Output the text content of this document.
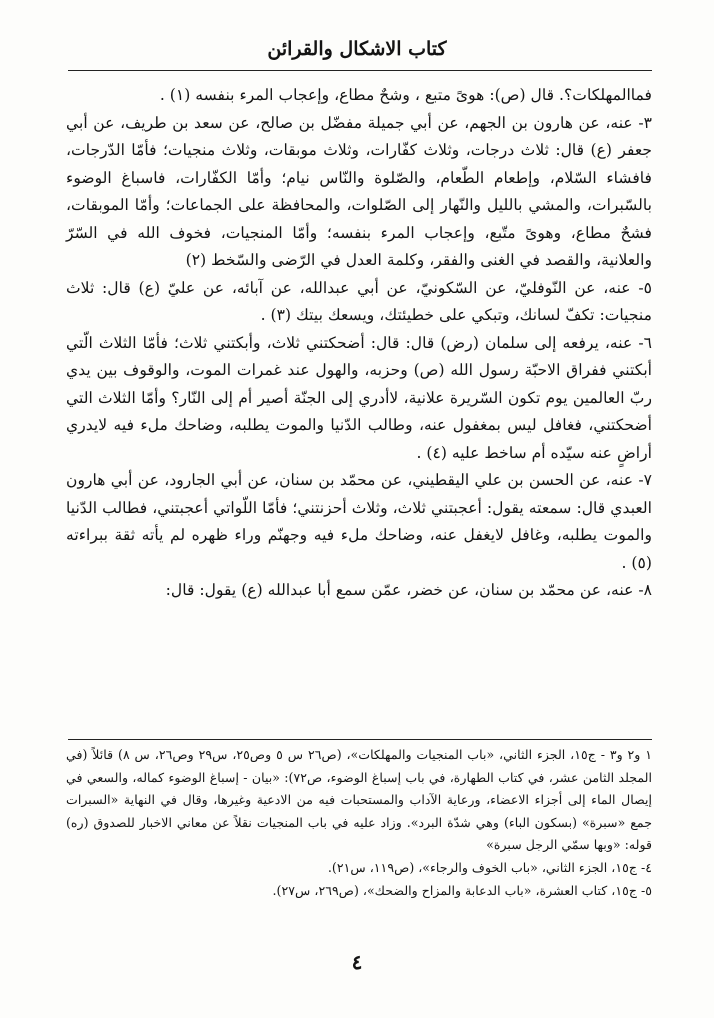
كتاب الاشكال والقرائن

فماالمهلكات؟. قال (ص): هوىً متبع ، وشحٌ مطاع، وإعجاب المرء بنفسه (١) .

٣- عنه، عن هارون بن الجهم، عن أبي جميلة مفضّل بن صالح، عن سعد بن طريف، عن أبي جعفر (ع) قال: ثلاث درجات، وثلاث كفّارات، وثلاث موبقات، وثلاث منجيات؛ فأمّا الدّرجات، فافشاء السّلام، وإطعام الطّعام، والصّلوة والنّاس نيام؛ وأمّا الكفّارات، فاسباغ الوضوء بالسّبرات، والمشي بالليل والنّهار إلى الصّلوات، والمحافظة على الجماعات؛ وأمّا الموبقات، فشحٌ مطاع، وهوىً متّبع، وإعجاب المرء بنفسه؛ وأمّا المنجيات، فخوف الله في السّرّ والعلانية، والقصد في الغنى والفقر، وكلمة العدل في الرّضى والسّخط (٢)

٥- عنه، عن النّوفليّ، عن السّكونيّ، عن أبي عبدالله، عن آبائه، عن عليّ (ع) قال: ثلاث منجيات: تكفّ لسانك، وتبكي على خطيئتك، ويسعك بيتك (٣) .

٦- عنه، يرفعه إلى سلمان (رض) قال: قال: أضحكتني ثلاث، وأبكتني ثلاث؛ فأمّا الثلاث الّتي أبكتني ففراق الاحبّة رسول الله (ص) وحزبه، والهول عند غمرات الموت، والوقوف بين يدي ربّ العالمين يوم تكون السّريرة علانية، لاأدري إلى الجنّة أصير أم إلى النّار؟ وأمّا الثلاث التي أضحكتني، فغافل ليس بمغفول عنه، وطالب الدّنيا والموت يطلبه، وضاحك ملء فيه لايدري أراضٍ عنه سيّده أم ساخط عليه (٤) .

٧- عنه، عن الحسن بن علي اليقطيني، عن محمّد بن سنان، عن أبي الجارود، عن أبي هارون العبدي قال: سمعته يقول: أعجبتني ثلاث، وثلاث أحزنتني؛ فأمّا اللّواتي أعجبتني، فطالب الدّنيا والموت يطلبه، وغافل لايغفل عنه، وضاحك ملء فيه وجهنّم وراء ظهره لم يأته ثقة ببراءته (٥) .

٨- عنه، عن محمّد بن سنان، عن خضر، عمّن سمع أبا عبدالله (ع) يقول: قال:

١ و٢ و٣ - ج١٥، الجزء الثاني، «باب المنجيات والمهلكات»، (ص٢٦ س ٥ وص٢٥، س٢٩ وص٢٦، س ٨) قائلاً (في المجلد الثامن عشر، في كتاب الطهارة، في باب إسباغ الوضوء، ص٧٢): «بيان - إسباغ الوضوء كماله، والسعي في إيصال الماء إلى أجزاء الاعضاء، ورعاية الآداب والمستحبات فيه من الادعية وغيرها، وقال في النهاية «السبرات جمع «سبرة» (بسكون الباء) وهي شدّة البرد». وزاد عليه في باب المنجيات نقلاً عن معاني الاخبار للصدوق (ره) قوله: «وبها سمّي الرجل سبرة»

٤- ج١٥، الجزء الثاني، «باب الخوف والرجاء»، (ص١١٩، س٢١).

٥- ج١٥، كتاب العشرة، «باب الدعابة والمزاح والضحك»، (ص٢٦٩، س٢٧).

٤
